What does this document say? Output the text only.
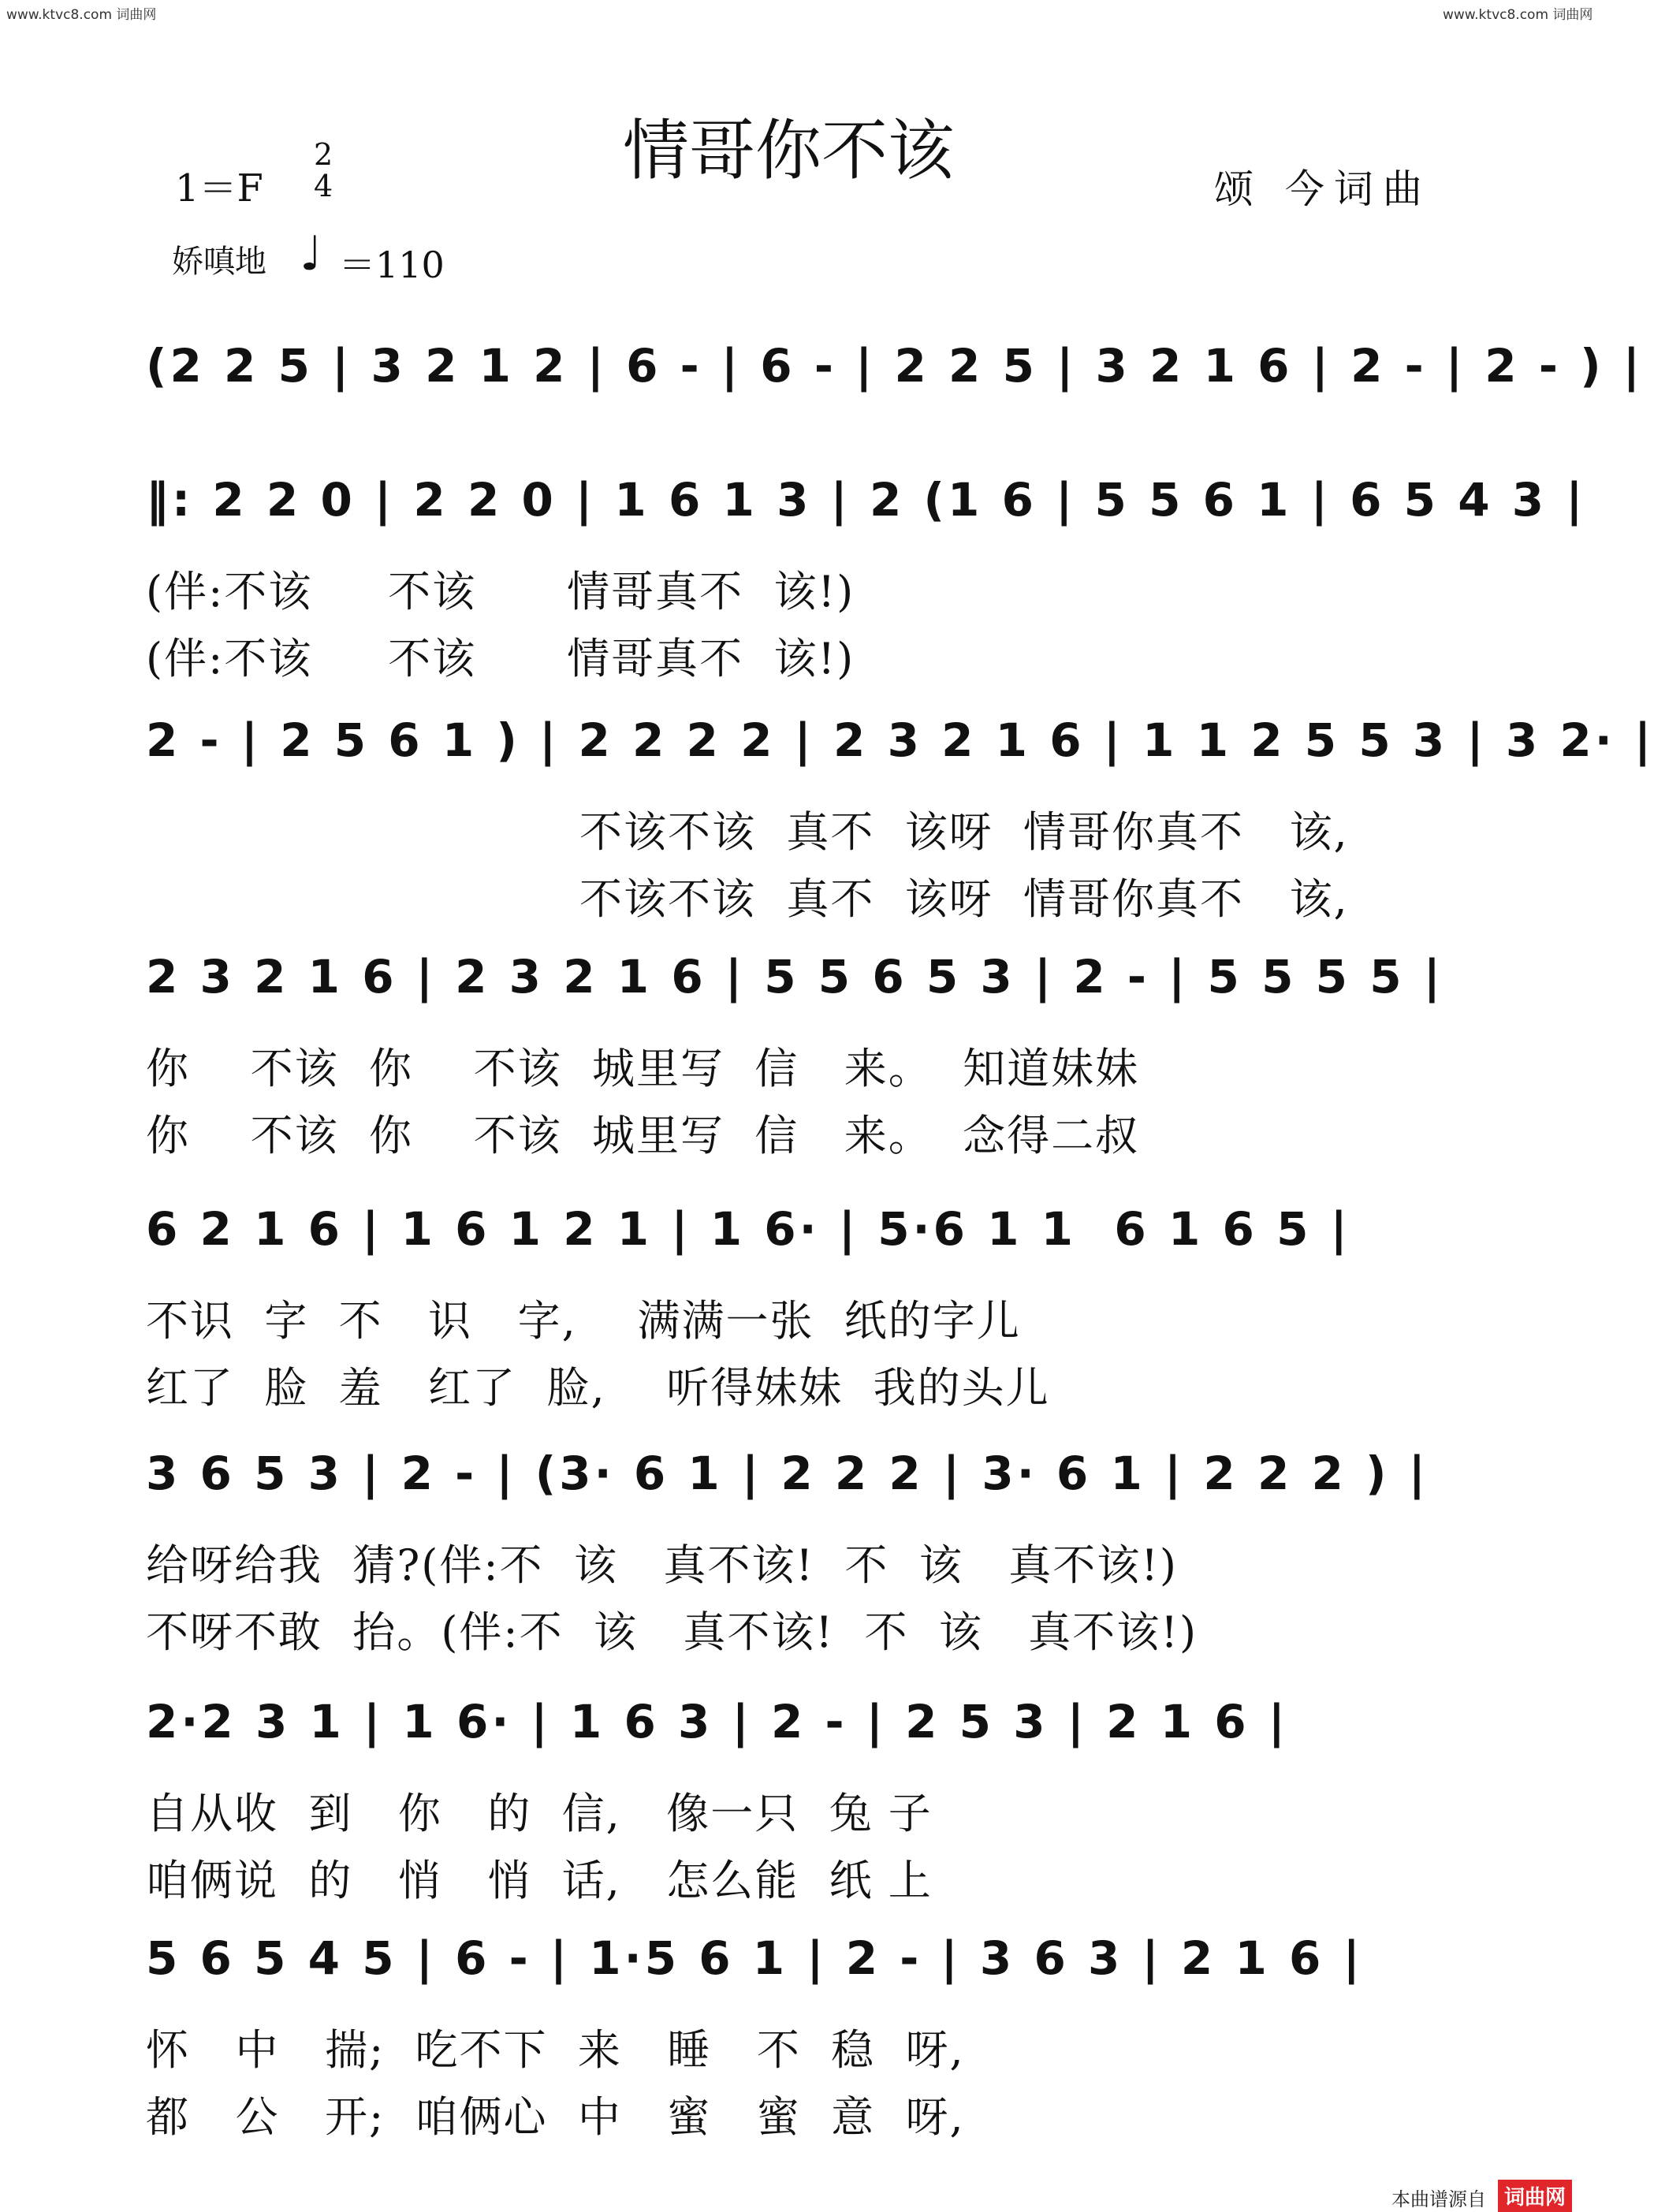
www.ktvc8.com 词曲网	www.ktvc8.com 词曲网
情哥你不该
1＝F
2
4
娇嗔地 ♩ ＝110
颂 今词曲
(2 2 5 | 3 2 1 2 | 6 - | 6 - | 2 2 5 | 3 2 1 6 | 2 - | 2 - ) |
‖: 2 2 0 | 2 2 0 | 1 6 1 3 | 2 (1 6 | 5 5 6 1 | 6 5 4 3 |
(伴:不该     不该      情哥真不  该!)
(伴:不该     不该      情哥真不  该!)
2 - | 2 5 6 1 ) | 2 2 2 2 | 2 3 2 1 6 | 1 1 2 5 5 3 | 3 2· |
不该不该  真不  该呀  情哥你真不   该,
不该不该  真不  该呀  情哥你真不   该,
2 3 2 1 6 | 2 3 2 1 6 | 5 5 6 5 3 | 2 - | 5 5 5 5 |
你    不该  你    不该  城里写  信   来。  知道妹妹
你    不该  你    不该  城里写  信   来。  念得二叔
6 2 1 6 | 1 6 1 2 1 | 1 6· | 5·6 1 1  6 1 6 5 |
不识  字  不   识   字,    满满一张  纸的字儿
红了  脸  羞   红了  脸,    听得妹妹  我的头儿
3 6 5 3 | 2 - | (3· 6 1 | 2 2 2 | 3· 6 1 | 2 2 2 ) |
给呀给我  猜?(伴:不  该   真不该!  不  该   真不该!)
不呀不敢  抬。(伴:不  该   真不该!  不  该   真不该!)
2·2 3 1 | 1 6· | 1 6 3 | 2 - | 2 5 3 | 2 1 6 |
自从收  到   你   的  信,   像一只  兔 子
咱俩说  的   悄   悄  话,   怎么能  纸 上
5 6 5 4 5 | 6 - | 1·5 6 1 | 2 - | 3 6 3 | 2 1 6 |
怀   中   揣;  吃不下  来   睡   不  稳  呀,
都   公   开;  咱俩心  中   蜜   蜜  意  呀,
本曲谱源自 词曲网
